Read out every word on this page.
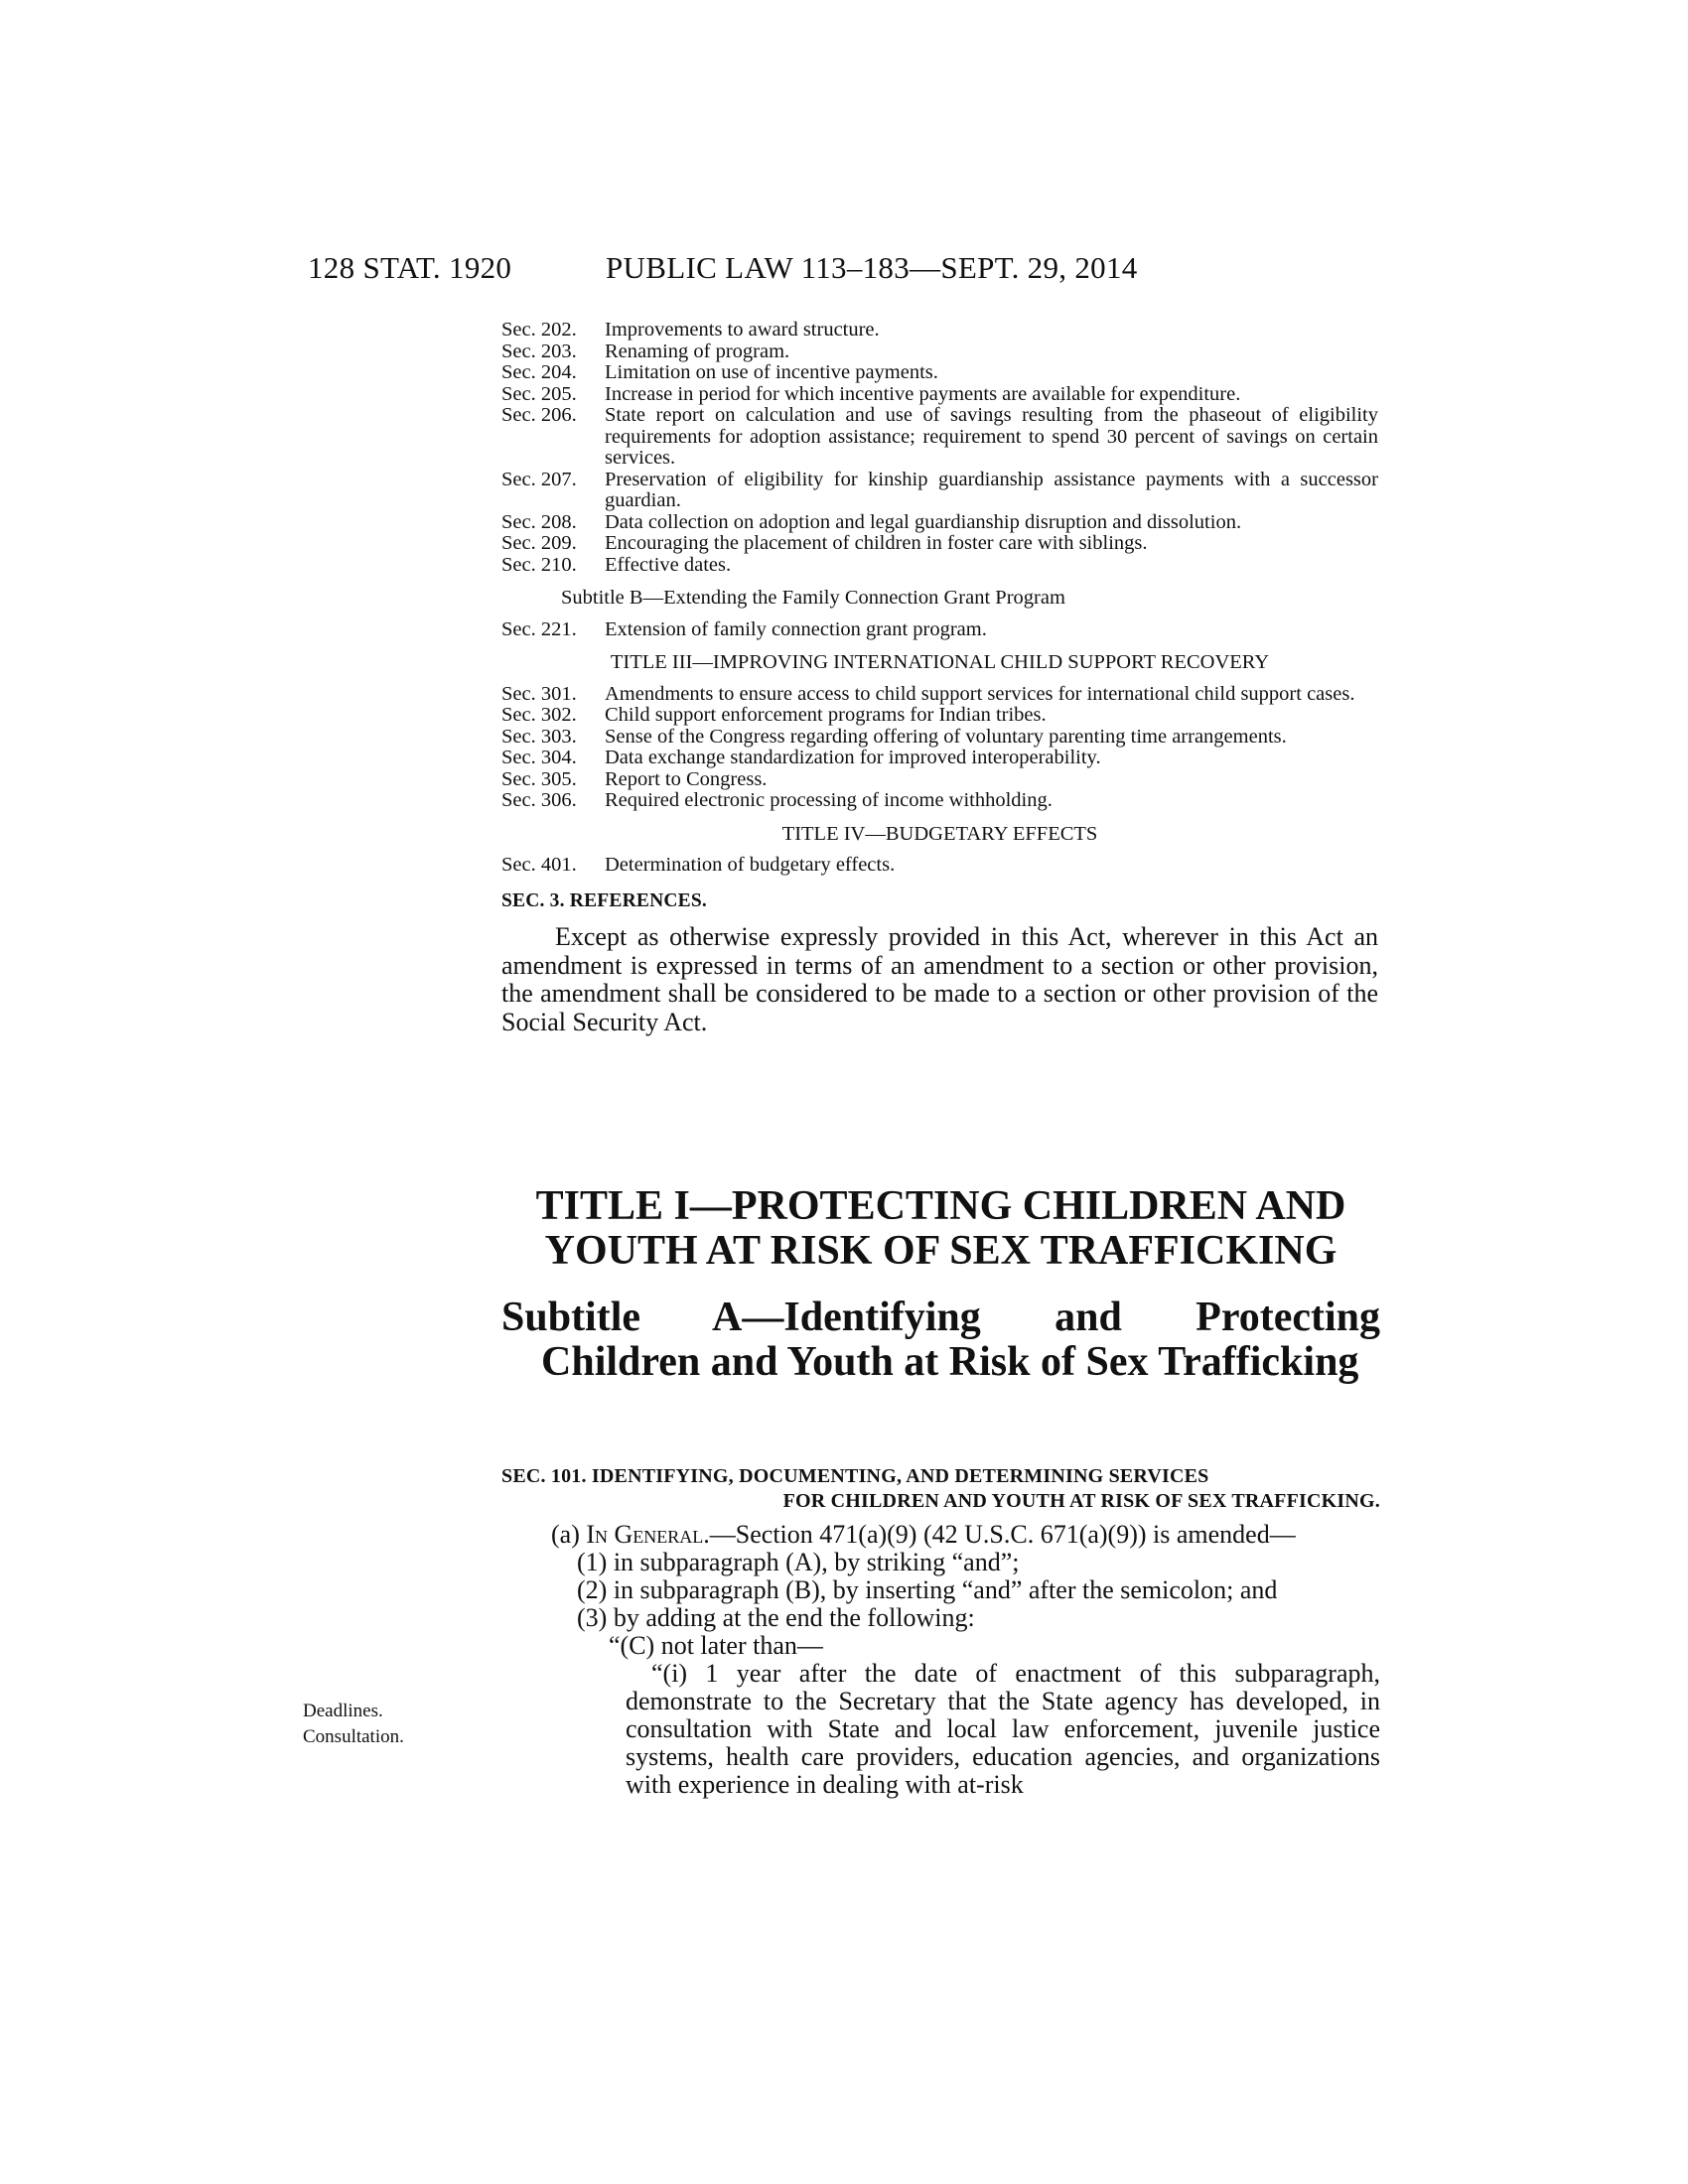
128 STAT. 1920	PUBLIC LAW 113–183—SEPT. 29, 2014
Sec. 202.	Improvements to award structure.
Sec. 203.	Renaming of program.
Sec. 204.	Limitation on use of incentive payments.
Sec. 205.	Increase in period for which incentive payments are available for expenditure.
Sec. 206.	State report on calculation and use of savings resulting from the phaseout of eligibility requirements for adoption assistance; requirement to spend 30 percent of savings on certain services.
Sec. 207.	Preservation of eligibility for kinship guardianship assistance payments with a successor guardian.
Sec. 208.	Data collection on adoption and legal guardianship disruption and dissolution.
Sec. 209.	Encouraging the placement of children in foster care with siblings.
Sec. 210.	Effective dates.
Subtitle B—Extending the Family Connection Grant Program
Sec. 221.	Extension of family connection grant program.
TITLE III—IMPROVING INTERNATIONAL CHILD SUPPORT RECOVERY
Sec. 301.	Amendments to ensure access to child support services for international child support cases.
Sec. 302.	Child support enforcement programs for Indian tribes.
Sec. 303.	Sense of the Congress regarding offering of voluntary parenting time arrangements.
Sec. 304.	Data exchange standardization for improved interoperability.
Sec. 305.	Report to Congress.
Sec. 306.	Required electronic processing of income withholding.
TITLE IV—BUDGETARY EFFECTS
Sec. 401.	Determination of budgetary effects.
SEC. 3. REFERENCES.
Except as otherwise expressly provided in this Act, wherever in this Act an amendment is expressed in terms of an amendment to a section or other provision, the amendment shall be considered to be made to a section or other provision of the Social Security Act.
TITLE I—PROTECTING CHILDREN AND
YOUTH AT RISK OF SEX TRAFFICKING
Subtitle A—Identifying and Protecting
Children and Youth at Risk of Sex Trafficking
SEC. 101. IDENTIFYING, DOCUMENTING, AND DETERMINING SERVICES
FOR CHILDREN AND YOUTH AT RISK OF SEX TRAFFICKING.
(a) In General.—Section 471(a)(9) (42 U.S.C. 671(a)(9)) is amended—
(1) in subparagraph (A), by striking “and”;
(2) in subparagraph (B), by inserting “and” after the semicolon; and
(3) by adding at the end the following:
“(C) not later than—
“(i) 1 year after the date of enactment of this subparagraph, demonstrate to the Secretary that the State agency has developed, in consultation with State and local law enforcement, juvenile justice systems, health care providers, education agencies, and organizations with experience in dealing with at-risk
Deadlines.
Consultation.
